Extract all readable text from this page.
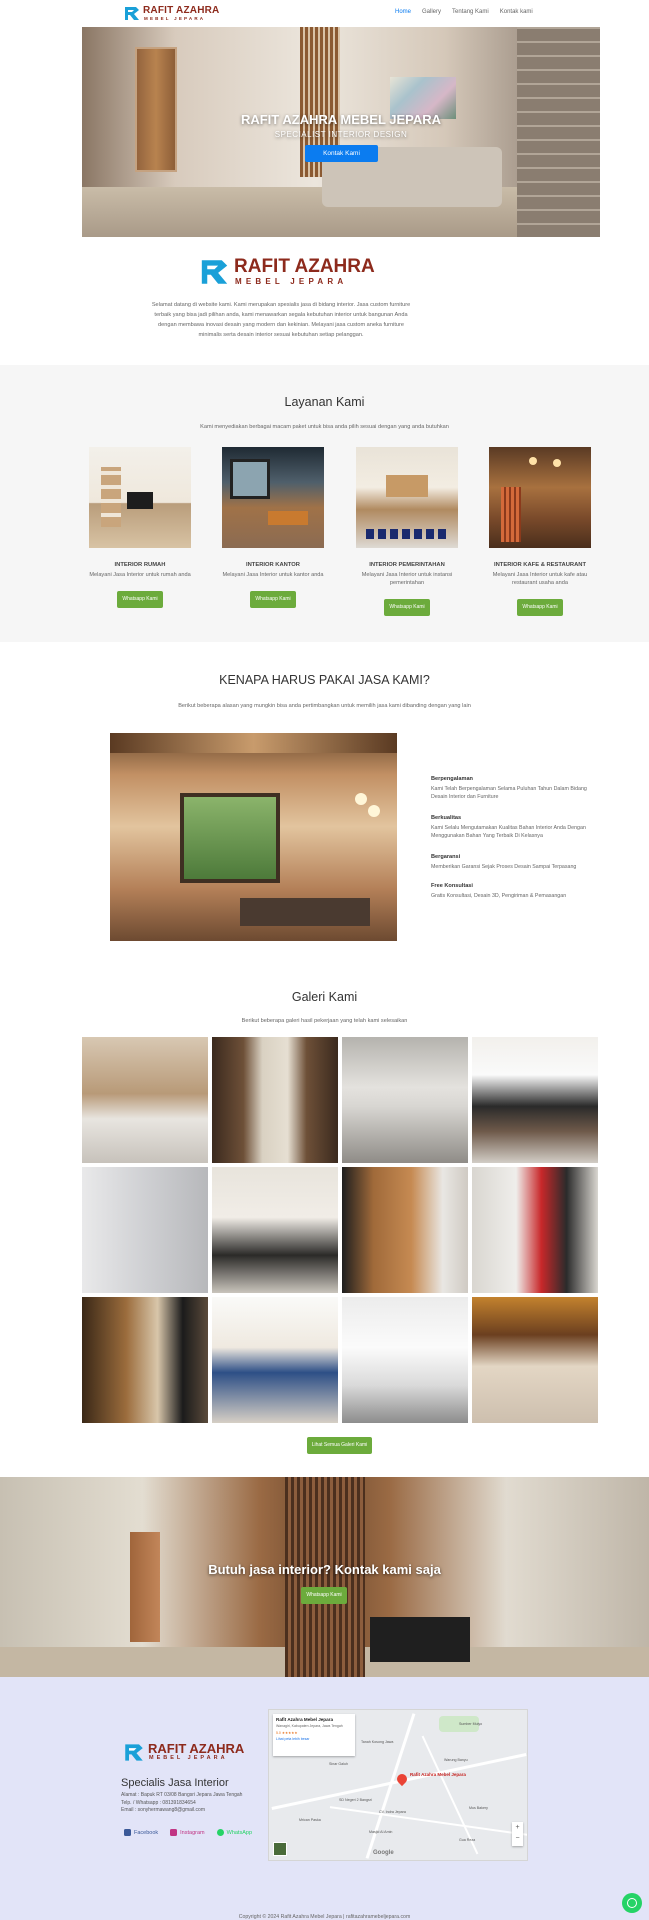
RAFIT AZAHRA
MEBEL JEPARA
Home Gallery Tentang Kami Kontak kami
RAFIT AZAHRA MEBEL JEPARA
SPECIALIST INTERIOR DESIGN
Kontak Kami
RAFIT AZAHRA
MEBEL JEPARA
Selamat datang di website kami. Kami merupakan spesialis jasa di bidang interior. Jasa custom furniture terbaik yang bisa jadi pilihan anda, kami menawarkan segala kebutuhan interior untuk bangunan Anda dengan membawa inovasi desain yang modern dan kekinian. Melayani jasa custom aneka furniture minimalis serta desain interior sesuai kebutuhan setiap pelanggan.
Layanan Kami
Kami menyediakan berbagai macam paket untuk bisa anda pilih sesuai dengan yang anda butuhkan
INTERIOR RUMAH
Melayani Jasa Interior untuk rumah anda
Whatsapp Kami
INTERIOR KANTOR
Melayani Jasa Interior untuk kantor anda
Whatsapp Kami
INTERIOR PEMERINTAHAN
Melayani Jasa Interior untuk instansi pemerintahan
Whatsapp Kami
INTERIOR KAFE & RESTAURANT
Melayani Jasa Interior untuk kafe atau restaurant usaha anda
Whatsapp Kami
KENAPA HARUS PAKAI JASA KAMI?
Berikut beberapa alasan yang mungkin bisa anda pertimbangkan untuk memilih jasa kami dibanding dengan yang lain
Berpengalaman
Kami Telah Berpengalaman Selama Puluhan Tahun Dalam Bidang Desain Interior dan Furniture
Berkualitas
Kami Selalu Mengutamakan Kualitas Bahan Interior Anda Dengan Menggunakan Bahan Yang Terbaik Di Kelasnya
Bergaransi
Memberikan Garansi Sejak Proses Desain Sampai Terpasang
Free Konsultasi
Gratis Konsultasi, Desain 3D, Pengiriman & Pemasangan
Galeri Kami
Berikut beberapa galeri hasil pekerjaan yang telah kami selesaikan
Lihat Semua Galeri Kami
Butuh jasa interior? Kontak kami saja
Whatsapp Kami
RAFIT AZAHRA
MEBEL JEPARA
Specialis Jasa Interior
Alamat : Bapuk RT 03/08 Bangsri Jepara Jawa Tengah
Telp. / Whatsapp : 081391834654
Email : sonyhermawang8@gmail.com
Facebook	Instagram	WhatsApp
Rafit Azahra Mebel Jepara
Wanagiri, Kabupaten Jepara, Jawa Tengah
5.0 ★★★★★
Lihat peta lebih besar
Tanah Kosong Jawa
Sumber Mulyo
Warung Banyu
Sinar Galuh
SD Negeri 2 Bangsri
Masjid Al Amin
Mus Bakery
Mrican Paska
CV. Indra Jepara
Gua Reza
Rafit Azahra Mebel Jepara
+
−
Google
Copyright © 2024 Rafit Azahra Mebel Jepara | rafitazahramebeljepara.com
